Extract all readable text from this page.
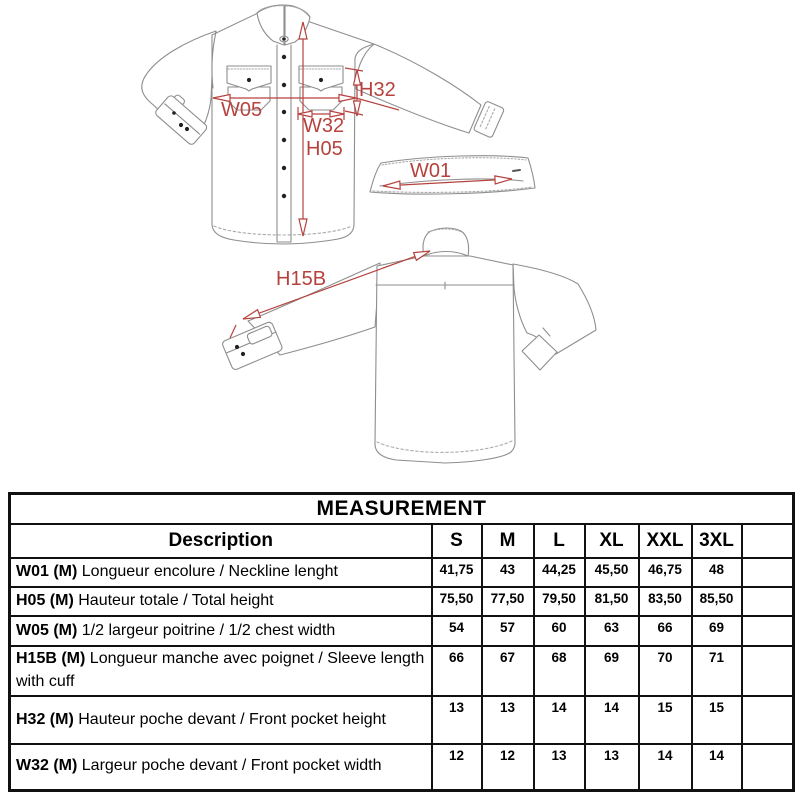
W05
W32
H32
H05
W01
H15B
MEASUREMENT							
Description	S	M	L	XL	XXL	3XL	
W01 (M) Longueur encolure / Neckline lenght	41,75	43	44,25	45,50	46,75	48	
H05 (M) Hauteur totale / Total height	75,50	77,50	79,50	81,50	83,50	85,50	
W05 (M) 1/2 largeur poitrine / 1/2 chest width	54	57	60	63	66	69	
H15B (M) Longueur manche avec poignet / Sleeve length with cuff	66	67	68	69	70	71	
H32 (M) Hauteur poche devant / Front pocket height	13	13	14	14	15	15	
W32 (M) Largeur poche devant / Front pocket width	12	12	13	13	14	14	
